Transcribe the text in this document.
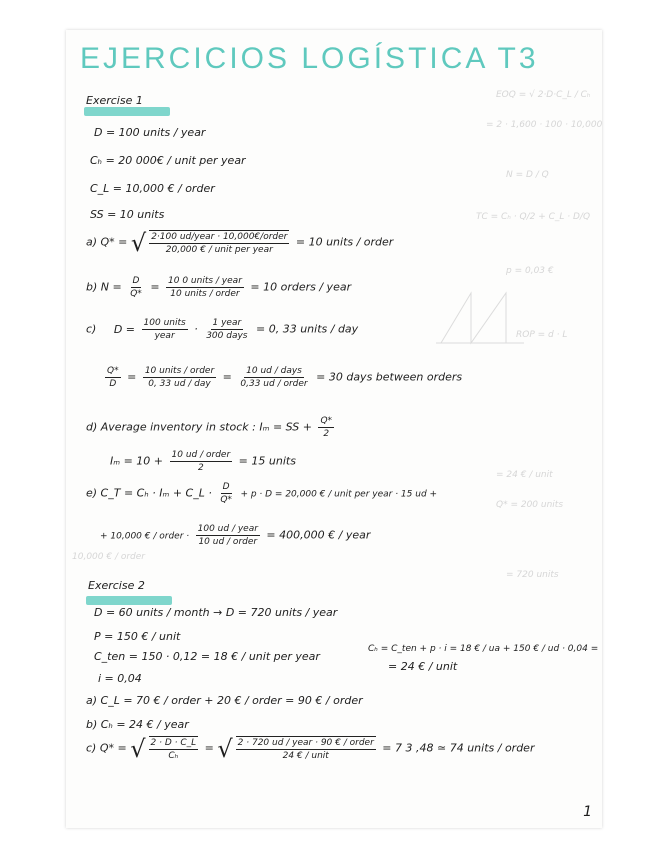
EOQ = √ 2·D·C_L / Cₕ
= 2 · 1,600 · 100 · 10,000
N = D / Q
TC = Cₕ · Q/2 + C_L · D/Q
p = 0,03 €
ROP = d · L
= 24 € / unit
Q* = 200 units
10,000 € / order
= 720 units
EJERCICIOS LOGÍSTICA T3
Exercise 1
D = 100 units / year
Cₕ = 20 000€ / unit per year
C_L = 10,000 € / order
SS = 10 units
a) Q* = √ $\frac{\text{2·100 ud/year · 10,000€/order}}{\text{20,000 € / unit per year}} = 10$ units / order
b) $N = \frac{D}{Q*} = \frac{\text{10 0 units / year}}{\text{10 units / order}} = 10$ orders / year
c) $D = \frac{\text{100 units}}{\text{year}} \cdot \frac{\text{1 year}}{\text{300 days}} = 0$, 33 units / day
$\frac{Q*}{D} = \frac{\text{10 units / order}}{\text{0, 33 ud / day}} = \frac{\text{10 ud / days}}{\text{0,33 ud / order}} = 30$ days between orders
d) Average inventory in stock : Iₘ = SS + $\frac{Q*}{2}$
$I_m = 10 + \frac{\text{10 ud / order}}{2} = 15$ units
e) C_T = Cₕ · Iₘ + C_L · $\frac{D}{Q*} + p \cdot D = 20,000$ € / unit per year · 15 ud +
+ 10,000 € / order · $\frac{\text{100 ud / year}}{\text{10 ud / order}} = 400,000$ € / year
Exercise 2
D = 60 units / month → D = 720 units / year
P = 150 € / unit
C_ten = 150 · 0,12 = 18 € / unit per year
Cₕ = C_ten + p · i = 18 € / ua + 150 € / ud · 0,04 =
= 24 € / unit
i = 0,04
a) C_L = 70 € / order + 20 € / order = 90 € / order
b) Cₕ = 24 € / year
c) Q* = √ $\frac{2 \cdot D \cdot C\_L}{\text{Cₕ}}$ = √ $\frac{\text{2 · 720 ud / year · 90 € / order}}{\text{24 € / unit}} = 7$ 3 ,48 ≃ 74 units / order
1
